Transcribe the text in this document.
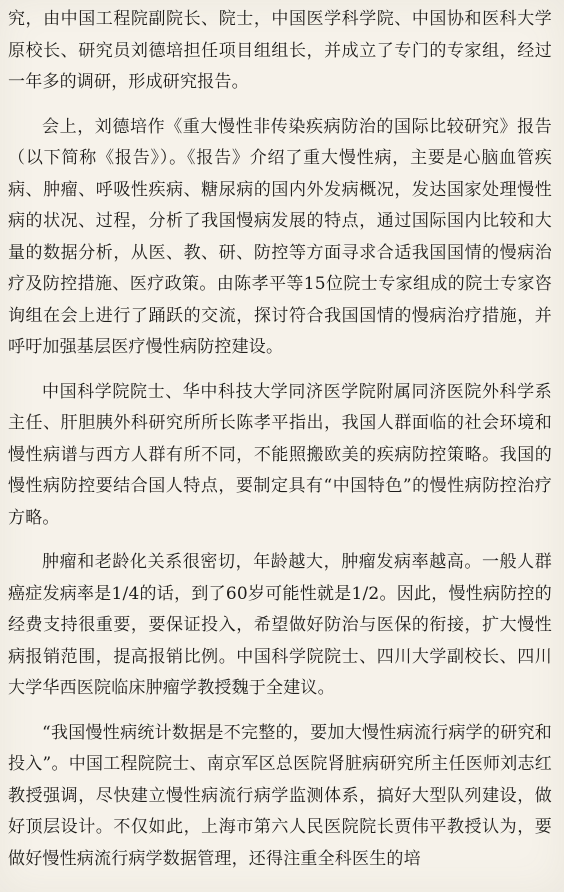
究，由中国工程院副院长、院士，中国医学科学院、中国协和医科大学原校长、研究员刘德培担任项目组组长，并成立了专门的专家组，经过一年多的调研，形成研究报告。

会上，刘德培作《重大慢性非传染疾病防治的国际比较研究》报告（以下简称《报告》）。《报告》介绍了重大慢性病，主要是心脑血管疾病、肿瘤、呼吸性疾病、糖尿病的国内外发病概况，发达国家处理慢性病的状况、过程，分析了我国慢病发展的特点，通过国际国内比较和大量的数据分析，从医、教、研、防控等方面寻求合适我国国情的慢病治疗及防控措施、医疗政策。由陈孝平等15位院士专家组成的院士专家咨询组在会上进行了踊跃的交流，探讨符合我国国情的慢病治疗措施，并呼吁加强基层医疗慢性病防控建设。

中国科学院院士、华中科技大学同济医学院附属同济医院外科学系主任、肝胆胰外科研究所所长陈孝平指出，我国人群面临的社会环境和慢性病谱与西方人群有所不同，不能照搬欧美的疾病防控策略。我国的慢性病防控要结合国人特点，要制定具有“中国特色”的慢性病防控治疗方略。

肿瘤和老龄化关系很密切，年龄越大，肿瘤发病率越高。一般人群癌症发病率是1/4的话，到了60岁可能性就是1/2。因此，慢性病防控的经费支持很重要，要保证投入，希望做好防治与医保的衔接，扩大慢性病报销范围，提高报销比例。中国科学院院士、四川大学副校长、四川大学华西医院临床肿瘤学教授魏于全建议。

“我国慢性病统计数据是不完整的，要加大慢性病流行病学的研究和投入”。中国工程院院士、南京军区总医院肾脏病研究所主任医师刘志红教授强调，尽快建立慢性病流行病学监测体系，搞好大型队列建设，做好顶层设计。不仅如此，上海市第六人民医院院长贾伟平教授认为，要做好慢性病流行病学数据管理，还得注重全科医生的培
